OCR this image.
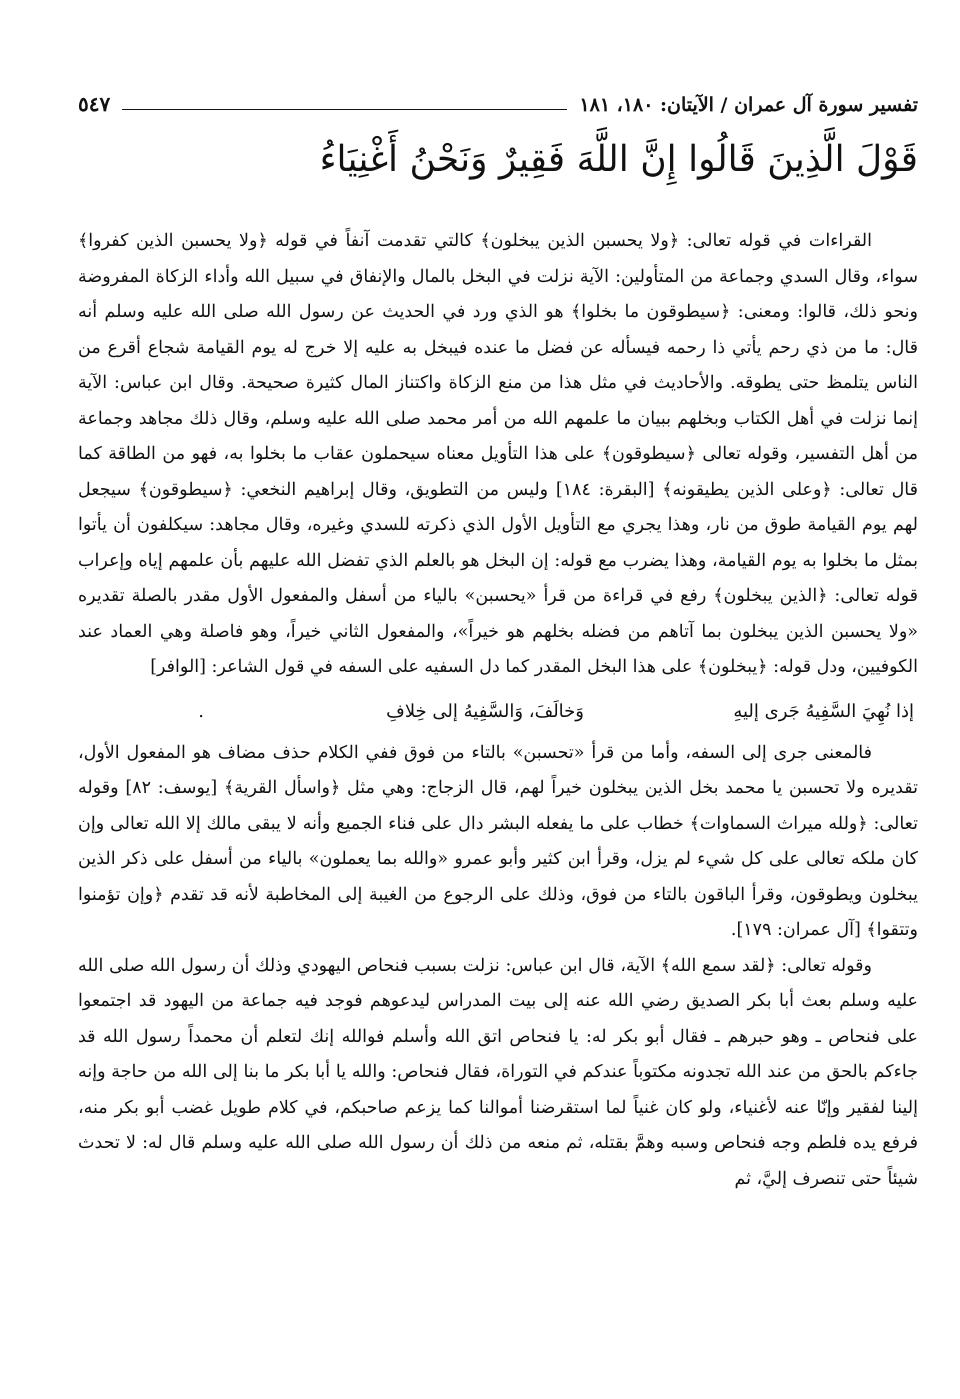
تفسير سورة آل عمران / الآيتان: ١٨٠، ١٨١
٥٤٧
قَوْلَ الَّذِينَ قَالُوا إِنَّ اللَّهَ فَقِيرٌ وَنَحْنُ أَغْنِيَاءُ

القراءات في قوله تعالى: ﴿ولا يحسبن الذين يبخلون﴾ كالتي تقدمت آنفاً في قوله ﴿ولا يحسبن الذين كفروا﴾ سواء، وقال السدي وجماعة من المتأولين: الآية نزلت في البخل بالمال والإنفاق في سبيل الله وأداء الزكاة المفروضة ونحو ذلك، قالوا: ومعنى: ﴿سيطوقون ما بخلوا﴾ هو الذي ورد في الحديث عن رسول الله صلى الله عليه وسلم أنه قال: ما من ذي رحم يأتي ذا رحمه فيسأله عن فضل ما عنده فيبخل به عليه إلا خرج له يوم القيامة شجاع أقرع من الناس يتلمظ حتى يطوقه. والأحاديث في مثل هذا من منع الزكاة واكتناز المال كثيرة صحيحة. وقال ابن عباس: الآية إنما نزلت في أهل الكتاب وبخلهم ببيان ما علمهم الله من أمر محمد صلى الله عليه وسلم، وقال ذلك مجاهد وجماعة من أهل التفسير، وقوله تعالى ﴿سيطوقون﴾ على هذا التأويل معناه سيحملون عقاب ما بخلوا به، فهو من الطاقة كما قال تعالى: ﴿وعلى الذين يطيقونه﴾ [البقرة: ١٨٤] وليس من التطويق، وقال إبراهيم النخعي: ﴿سيطوقون﴾ سيجعل لهم يوم القيامة طوق من نار، وهذا يجري مع التأويل الأول الذي ذكرته للسدي وغيره، وقال مجاهد: سيكلفون أن يأتوا بمثل ما بخلوا به يوم القيامة، وهذا يضرب مع قوله: إن البخل هو بالعلم الذي تفضل الله عليهم بأن علمهم إياه وإعراب قوله تعالى: ﴿الذين يبخلون﴾ رفع في قراءة من قرأ «يحسبن» بالياء من أسفل والمفعول الأول مقدر بالصلة تقديره «ولا يحسبن الذين يبخلون بما آتاهم من فضله بخلهم هو خيراً»، والمفعول الثاني خيراً، وهو فاصلة وهي العماد عند الكوفيين، ودل قوله: ﴿يبخلون﴾ على هذا البخل المقدر كما دل السفيه على السفه في قول الشاعر: [الوافر]

إذا نُهِيَ السَّفِيهُ جَرى إليهِ
وَخالَفَ، وَالسَّفِيهُ إلى خِلافِ
.

فالمعنى جرى إلى السفه، وأما من قرأ «تحسبن» بالتاء من فوق ففي الكلام حذف مضاف هو المفعول الأول، تقديره ولا تحسبن يا محمد بخل الذين يبخلون خيراً لهم، قال الزجاج: وهي مثل ﴿واسأل القرية﴾ [يوسف: ٨٢] وقوله تعالى: ﴿ولله ميراث السماوات﴾ خطاب على ما يفعله البشر دال على فناء الجميع وأنه لا يبقى مالك إلا الله تعالى وإن كان ملكه تعالى على كل شيء لم يزل، وقرأ ابن كثير وأبو عمرو «والله بما يعملون» بالياء من أسفل على ذكر الذين يبخلون ويطوقون، وقرأ الباقون بالتاء من فوق، وذلك على الرجوع من الغيبة إلى المخاطبة لأنه قد تقدم ﴿وإن تؤمنوا وتتقوا﴾ [آل عمران: ١٧٩].

وقوله تعالى: ﴿لقد سمع الله﴾ الآية، قال ابن عباس: نزلت بسبب فنحاص اليهودي وذلك أن رسول الله صلى الله عليه وسلم بعث أبا بكر الصديق رضي الله عنه إلى بيت المدراس ليدعوهم فوجد فيه جماعة من اليهود قد اجتمعوا على فنحاص ـ وهو حبرهم ـ فقال أبو بكر له: يا فنحاص اتق الله وأسلم فوالله إنك لتعلم أن محمداً رسول الله قد جاءكم بالحق من عند الله تجدونه مكتوباً عندكم في التوراة، فقال فنحاص: والله يا أبا بكر ما بنا إلى الله من حاجة وإنه إلينا لفقير وإنّا عنه لأغنياء، ولو كان غنياً لما استقرضنا أموالنا كما يزعم صاحبكم، في كلام طويل غضب أبو بكر منه، فرفع يده فلطم وجه فنحاص وسبه وهمَّ بقتله، ثم منعه من ذلك أن رسول الله صلى الله عليه وسلم قال له: لا تحدث شيئاً حتى تنصرف إليَّ، ثم
